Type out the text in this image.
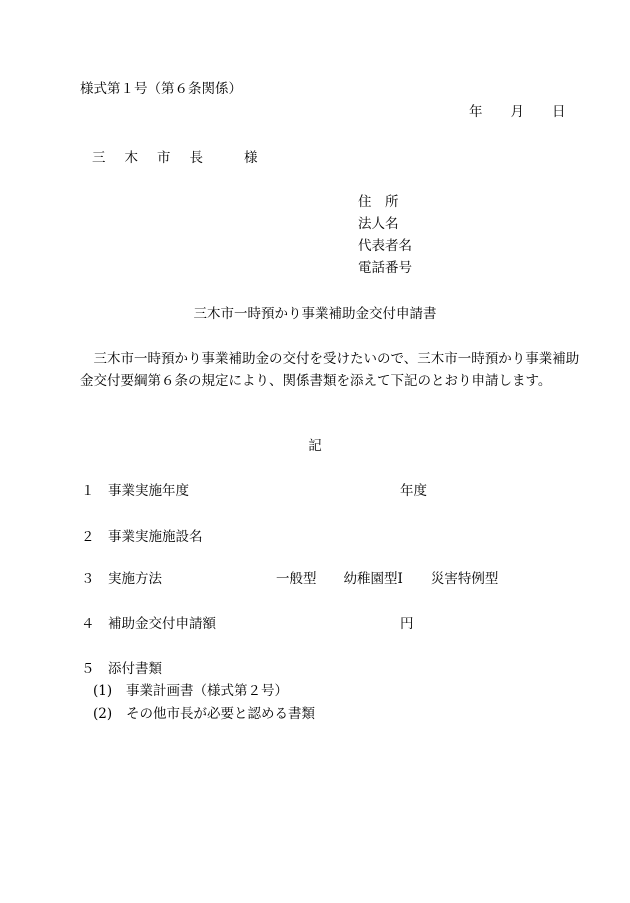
様式第１号（第６条関係）
年 月 日
三木市長 様
住　所
法人名
代表者名
電話番号
三木市一時預かり事業補助金交付申請書

三木市一時預かり事業補助金の交付を受けたいので、三木市一時預かり事業補助金交付要綱第６条の規定により、関係書類を添えて下記のとおり申請します。

記
１ 事業実施年度	年度
２ 事業実施施設名
３ 実施方法	一般型 幼稚園型Ⅰ 災害特例型
４ 補助金交付申請額	円
５ 添付書類
(1) 事業計画書（様式第２号）
(2) その他市長が必要と認める書類
